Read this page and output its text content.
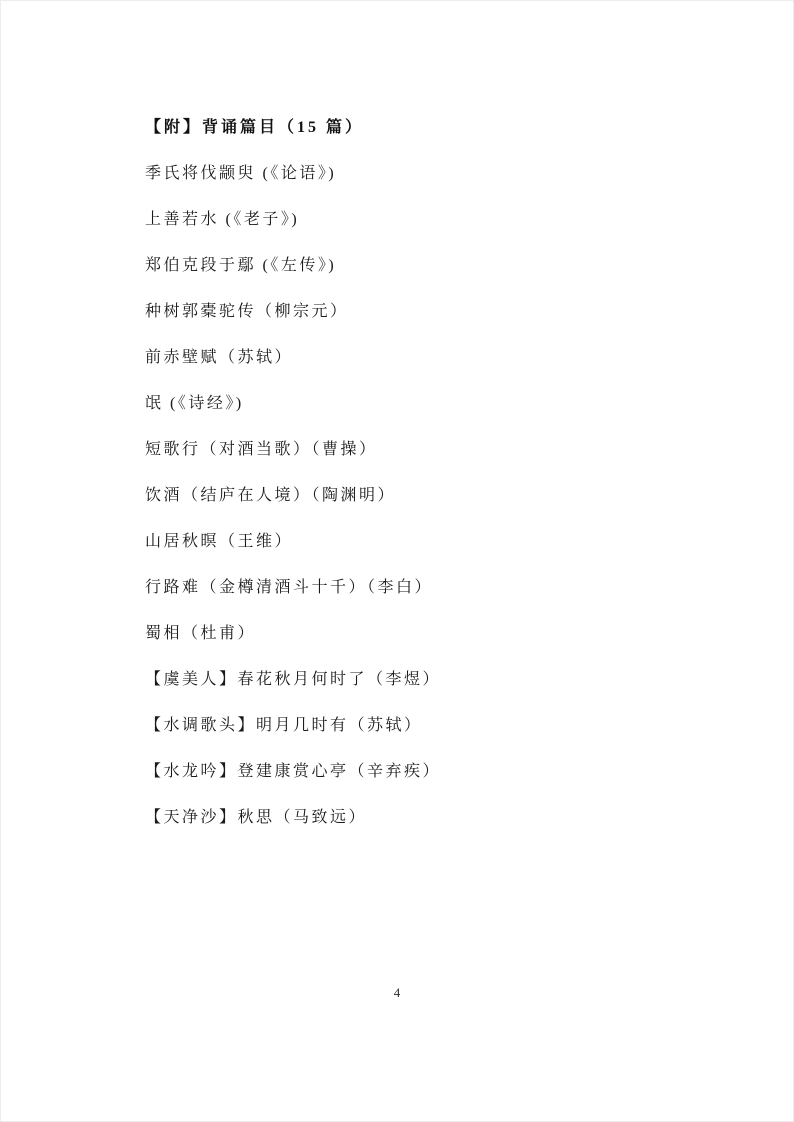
【附】背诵篇目（15 篇）

季氏将伐颛臾 (《论语》)

上善若水 (《老子》)

郑伯克段于鄢 (《左传》)

种树郭橐驼传（柳宗元）

前赤壁赋（苏轼）

氓 (《诗经》)

短歌行（对酒当歌）（曹操）

饮酒（结庐在人境）（陶渊明）

山居秋暝（王维）

行路难（金樽清酒斗十千）（李白）

蜀相（杜甫）

【虞美人】春花秋月何时了（李煜）

【水调歌头】明月几时有（苏轼）

【水龙吟】登建康赏心亭（辛弃疾）

【天净沙】秋思（马致远）

4
